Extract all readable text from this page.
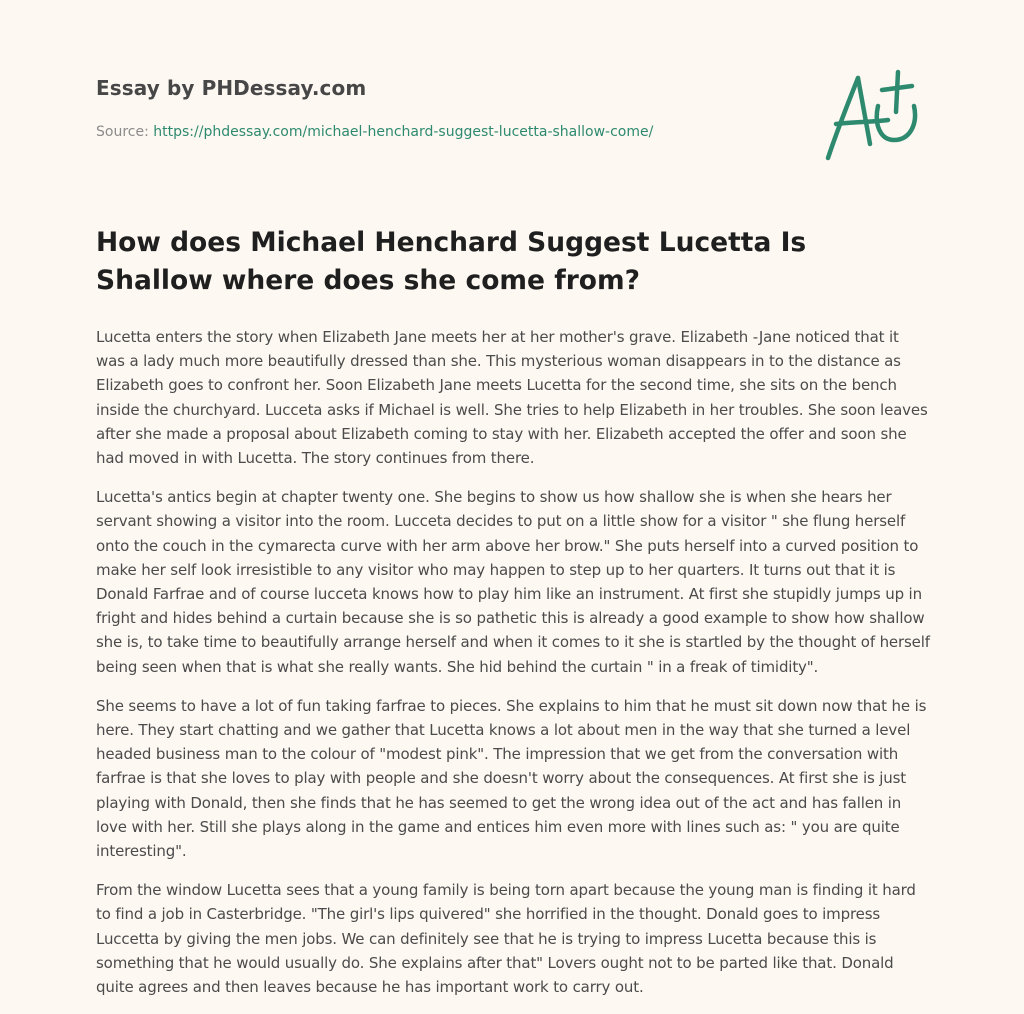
Essay by PHDessay.com
Source: https://phdessay.com/michael-henchard-suggest-lucetta-shallow-come/
How does Michael Henchard Suggest Lucetta Is Shallow where does she come from?

Lucetta enters the story when Elizabeth Jane meets her at her mother's grave. Elizabeth -Jane noticed that it was a lady much more beautifully dressed than she. This mysterious woman disappears in to the distance as Elizabeth goes to confront her. Soon Elizabeth Jane meets Lucetta for the second time, she sits on the bench inside the churchyard. Lucceta asks if Michael is well. She tries to help Elizabeth in her troubles. She soon leaves after she made a proposal about Elizabeth coming to stay with her. Elizabeth accepted the offer and soon she had moved in with Lucetta. The story continues from there.

Lucetta's antics begin at chapter twenty one. She begins to show us how shallow she is when she hears her servant showing a visitor into the room. Lucceta decides to put on a little show for a visitor " she flung herself onto the couch in the cymarecta curve with her arm above her brow." She puts herself into a curved position to make her self look irresistible to any visitor who may happen to step up to her quarters. It turns out that it is Donald Farfrae and of course lucceta knows how to play him like an instrument. At first she stupidly jumps up in fright and hides behind a curtain because she is so pathetic this is already a good example to show how shallow she is, to take time to beautifully arrange herself and when it comes to it she is startled by the thought of herself being seen when that is what she really wants. She hid behind the curtain " in a freak of timidity".

She seems to have a lot of fun taking farfrae to pieces. She explains to him that he must sit down now that he is here. They start chatting and we gather that Lucetta knows a lot about men in the way that she turned a level headed business man to the colour of "modest pink". The impression that we get from the conversation with farfrae is that she loves to play with people and she doesn't worry about the consequences. At first she is just playing with Donald, then she finds that he has seemed to get the wrong idea out of the act and has fallen in love with her. Still she plays along in the game and entices him even more with lines such as: " you are quite interesting".

From the window Lucetta sees that a young family is being torn apart because the young man is finding it hard to find a job in Casterbridge. "The girl's lips quivered" she horrified in the thought. Donald goes to impress Luccetta by giving the men jobs. We can definitely see that he is trying to impress Lucetta because this is something that he would usually do. She explains after that" Lovers ought not to be parted like that. Donald quite agrees and then leaves because he has important work to carry out.
